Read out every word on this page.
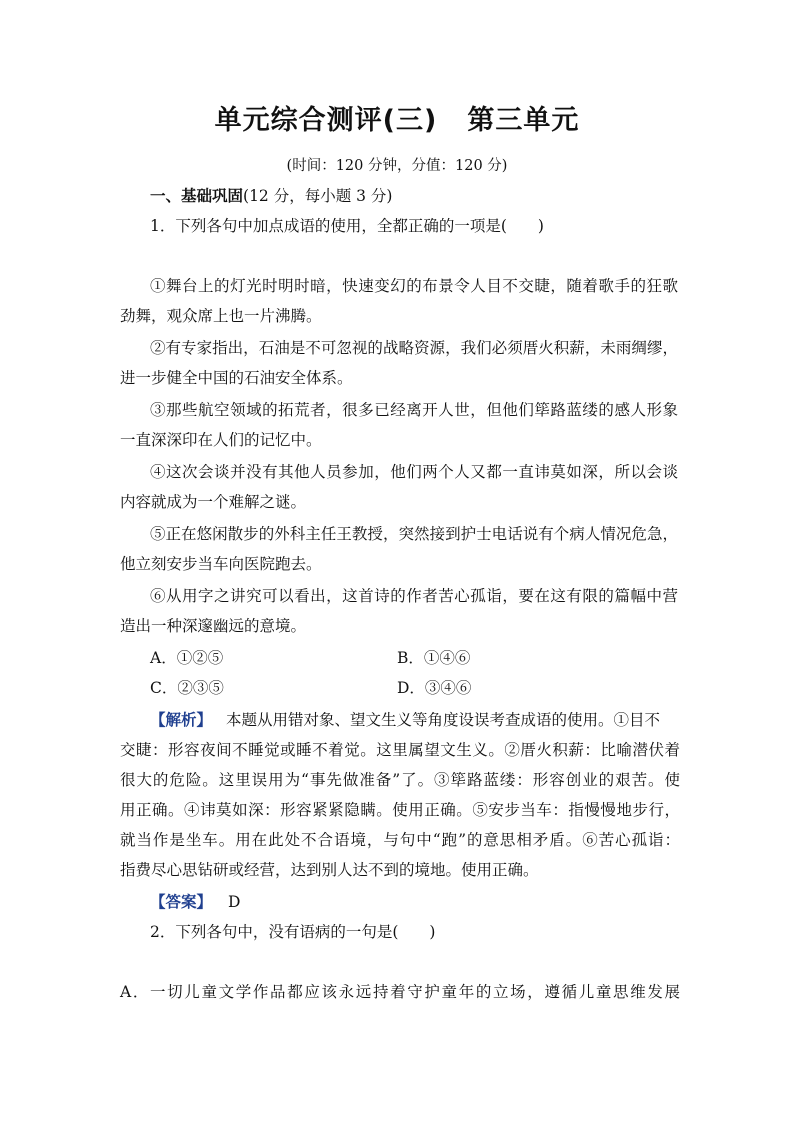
单元综合测评(三) 第三单元
(时间：120 分钟，分值：120 分)
一、基础巩固(12 分，每小题 3 分)
1．下列各句中加点成语的使用，全都正确的一项是(　　)
①舞台上的灯光时明时暗，快速变幻的布景令人目不交睫，随着歌手的狂歌
劲舞，观众席上也一片沸腾。
②有专家指出，石油是不可忽视的战略资源，我们必须厝火积薪，未雨绸缪，
进一步健全中国的石油安全体系。
③那些航空领域的拓荒者，很多已经离开人世，但他们筚路蓝缕的感人形象
一直深深印在人们的记忆中。
④这次会谈并没有其他人员参加，他们两个人又都一直讳莫如深，所以会谈
内容就成为一个难解之谜。
⑤正在悠闲散步的外科主任王教授，突然接到护士电话说有个病人情况危急，
他立刻安步当车向医院跑去。
⑥从用字之讲究可以看出，这首诗的作者苦心孤诣，要在这有限的篇幅中营
造出一种深邃幽远的意境。
A．①②⑤	B．①④⑥
C．②③⑤	D．③④⑥
【解析】 本题从用错对象、望文生义等角度设误考查成语的使用。①目不
交睫：形容夜间不睡觉或睡不着觉。这里属望文生义。②厝火积薪：比喻潜伏着
很大的危险。这里误用为“事先做准备”了。③筚路蓝缕：形容创业的艰苦。使
用正确。④讳莫如深：形容紧紧隐瞒。使用正确。⑤安步当车：指慢慢地步行，
就当作是坐车。用在此处不合语境，与句中“跑”的意思相矛盾。⑥苦心孤诣：
指费尽心思钻研或经营，达到别人达不到的境地。使用正确。
【答案】 D
2．下列各句中，没有语病的一句是(　　)
A．一切儿童文学作品都应该永远持着守护童年的立场，遵循儿童思维发展
